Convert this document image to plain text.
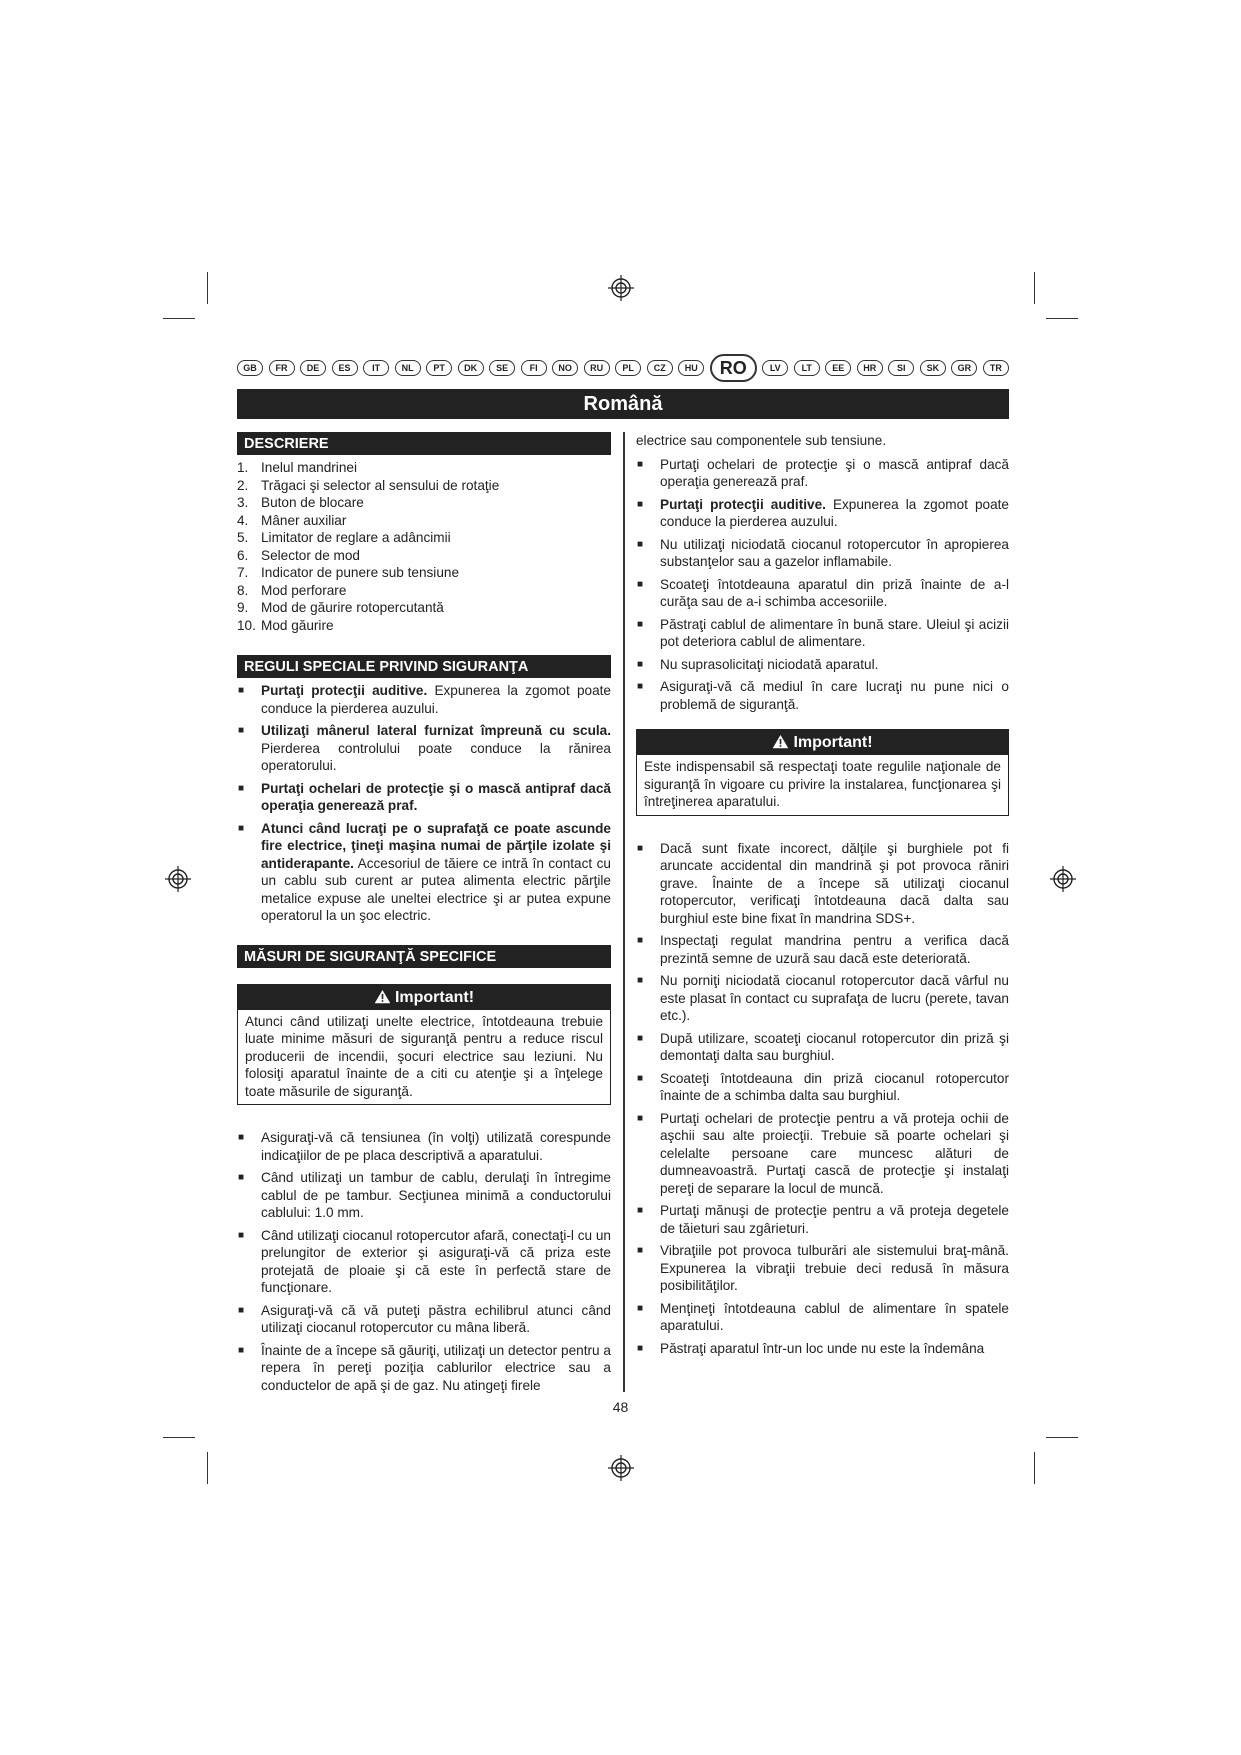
GB	FR	DE	ES	IT	NL	PT	DK	SE	FI	NO	RU	PL	CZ	HU	RO	LV	LT	EE	HR	SI	SK	GR	TR
Română
DESCRIERE
1. Inelul mandrinei
2. Trăgaci şi selector al sensului de rotaţie
3. Buton de blocare
4. Mâner auxiliar
5. Limitator de reglare a adâncimii
6. Selector de mod
7. Indicator de punere sub tensiune
8. Mod perforare
9. Mod de găurire rotopercutantă
10. Mod găurire
REGULI SPECIALE PRIVIND SIGURANŢA
■ Purtaţi protecţii auditive. Expunerea la zgomot poate conduce la pierderea auzului.
■ Utilizaţi mânerul lateral furnizat împreună cu scula. Pierderea controlului poate conduce la rănirea operatorului.
■ Purtaţi ochelari de protecţie şi o mască antipraf dacă operaţia generează praf.
■ Atunci când lucraţi pe o suprafaţă ce poate ascunde fire electrice, ţineţi maşina numai de părţile izolate şi antiderapante. Accesoriul de tăiere ce intră în contact cu un cablu sub curent ar putea alimenta electric părţile metalice expuse ale uneltei electrice şi ar putea expune operatorul la un şoc electric.
MĂSURI DE SIGURANŢĂ SPECIFICE
Important!
Atunci când utilizaţi unelte electrice, întotdeauna trebuie luate minime măsuri de siguranţă pentru a reduce riscul producerii de incendii, şocuri electrice sau leziuni. Nu folosiţi aparatul înainte de a citi cu atenţie şi a înţelege toate măsurile de siguranţă.
■ Asiguraţi-vă că tensiunea (în volţi) utilizată corespunde indicaţiilor de pe placa descriptivă a aparatului.
■ Când utilizaţi un tambur de cablu, derulaţi în întregime cablul de pe tambur. Secţiunea minimă a conductorului cablului: 1.0 mm.
■ Când utilizaţi ciocanul rotopercutor afară, conectaţi-l cu un prelungitor de exterior şi asiguraţi-vă că priza este protejată de ploaie şi că este în perfectă stare de funcţionare.
■ Asiguraţi-vă că vă puteţi păstra echilibrul atunci când utilizaţi ciocanul rotopercutor cu mâna liberă.
■ Înainte de a începe să găuriţi, utilizaţi un detector pentru a repera în pereţi poziţia cablurilor electrice sau a conductelor de apă şi de gaz. Nu atingeţi firele
electrice sau componentele sub tensiune.
■ Purtaţi ochelari de protecţie şi o mască antipraf dacă operaţia generează praf.
■ Purtaţi protecţii auditive. Expunerea la zgomot poate conduce la pierderea auzului.
■ Nu utilizaţi niciodată ciocanul rotopercutor în apropierea substanţelor sau a gazelor inflamabile.
■ Scoateţi întotdeauna aparatul din priză înainte de a-l curăţa sau de a-i schimba accesoriile.
■ Păstraţi cablul de alimentare în bună stare. Uleiul şi acizii pot deteriora cablul de alimentare.
■ Nu suprasolicitaţi niciodată aparatul.
■ Asiguraţi-vă că mediul în care lucraţi nu pune nici o problemă de siguranţă.
Important!
Este indispensabil să respectaţi toate regulile naţionale de siguranţă în vigoare cu privire la instalarea, funcţionarea şi întreţinerea aparatului.
■ Dacă sunt fixate incorect, dălţile şi burghiele pot fi aruncate accidental din mandrină şi pot provoca răniri grave. Înainte de a începe să utilizaţi ciocanul rotopercutor, verificaţi întotdeauna dacă dalta sau burghiul este bine fixat în mandrina SDS+.
■ Inspectaţi regulat mandrina pentru a verifica dacă prezintă semne de uzură sau dacă este deteriorată.
■ Nu porniţi niciodată ciocanul rotopercutor dacă vârful nu este plasat în contact cu suprafaţa de lucru (perete, tavan etc.).
■ După utilizare, scoateţi ciocanul rotopercutor din priză şi demontaţi dalta sau burghiul.
■ Scoateţi întotdeauna din priză ciocanul rotopercutor înainte de a schimba dalta sau burghiul.
■ Purtaţi ochelari de protecţie pentru a vă proteja ochii de aşchii sau alte proiecţii. Trebuie să poarte ochelari şi celelalte persoane care muncesc alături de dumneavoastră. Purtaţi cască de protecţie şi instalaţi pereţi de separare la locul de muncă.
■ Purtaţi mănuşi de protecţie pentru a vă proteja degetele de tăieturi sau zgârieturi.
■ Vibraţiile pot provoca tulburări ale sistemului braţ-mână. Expunerea la vibraţii trebuie deci redusă în măsura posibilităţilor.
■ Menţineţi întotdeauna cablul de alimentare în spatele aparatului.
■ Păstraţi aparatul într-un loc unde nu este la îndemâna
48
